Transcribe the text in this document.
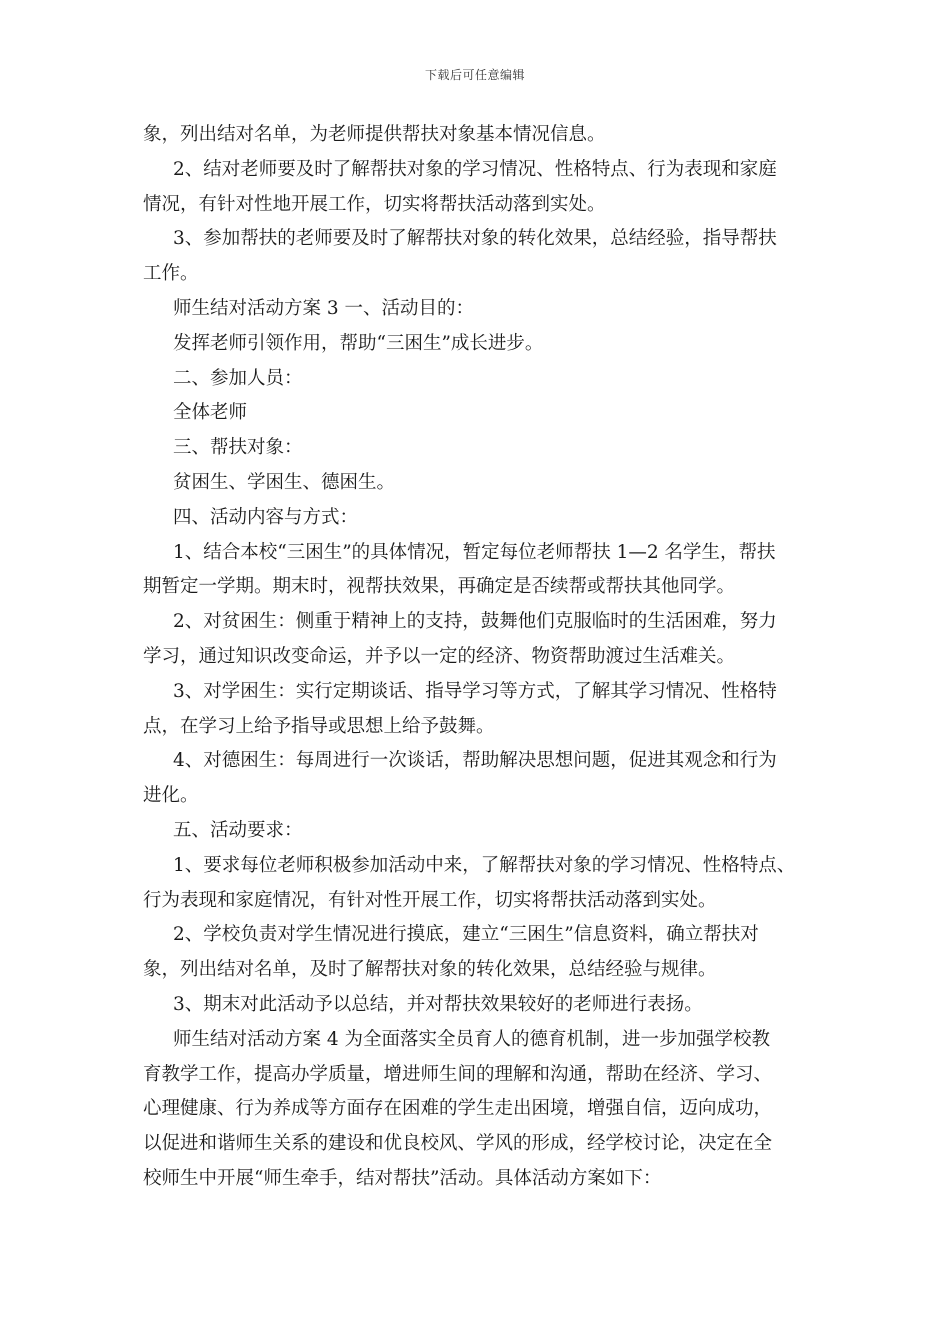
下载后可任意编辑
象，列出结对名单，为老师提供帮扶对象基本情况信息。
2、结对老师要及时了解帮扶对象的学习情况、性格特点、行为表现和家庭
情况，有针对性地开展工作，切实将帮扶活动落到实处。
3、参加帮扶的老师要及时了解帮扶对象的转化效果，总结经验，指导帮扶
工作。
师生结对活动方案 3 一、活动目的：
发挥老师引领作用，帮助“三困生”成长进步。
二、参加人员：
全体老师
三、帮扶对象：
贫困生、学困生、德困生。
四、活动内容与方式：
1、结合本校“三困生”的具体情况，暂定每位老师帮扶 1—2 名学生，帮扶
期暂定一学期。期末时，视帮扶效果，再确定是否续帮或帮扶其他同学。
2、对贫困生：侧重于精神上的支持，鼓舞他们克服临时的生活困难，努力
学习，通过知识改变命运，并予以一定的经济、物资帮助渡过生活难关。
3、对学困生：实行定期谈话、指导学习等方式，了解其学习情况、性格特
点，在学习上给予指导或思想上给予鼓舞。
4、对德困生：每周进行一次谈话，帮助解决思想问题，促进其观念和行为
进化。
五、活动要求：
1、要求每位老师积极参加活动中来，了解帮扶对象的学习情况、性格特点、
行为表现和家庭情况，有针对性开展工作，切实将帮扶活动落到实处。
2、学校负责对学生情况进行摸底，建立“三困生”信息资料，确立帮扶对
象，列出结对名单，及时了解帮扶对象的转化效果，总结经验与规律。
3、期末对此活动予以总结，并对帮扶效果较好的老师进行表扬。
师生结对活动方案 4 为全面落实全员育人的德育机制，进一步加强学校教
育教学工作，提高办学质量，增进师生间的理解和沟通，帮助在经济、学习、
心理健康、行为养成等方面存在困难的学生走出困境，增强自信，迈向成功，
以促进和谐师生关系的建设和优良校风、学风的形成，经学校讨论，决定在全
校师生中开展“师生牵手，结对帮扶”活动。具体活动方案如下：
